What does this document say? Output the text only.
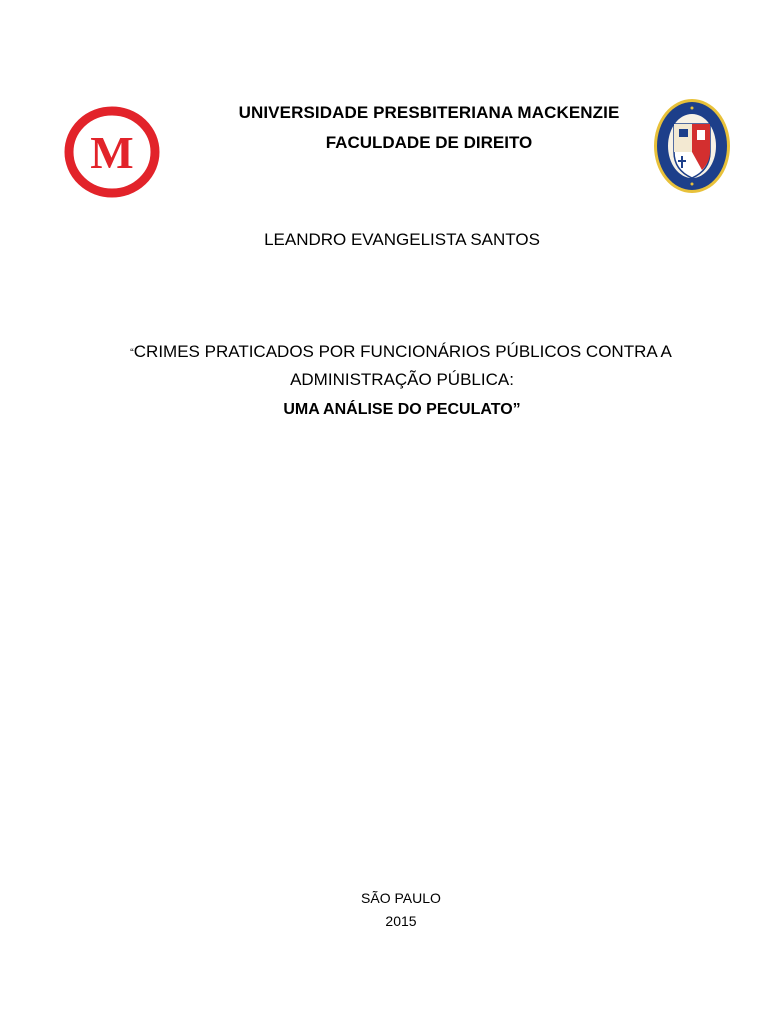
M
UNIVERSIDADE PRESBITERIANA MACKENZIE
FACULDADE DE DIREITO
LEANDRO EVANGELISTA SANTOS
“CRIMES PRATICADOS POR FUNCIONÁRIOS PÚBLICOS CONTRA A
ADMINISTRAÇÃO PÚBLICA:
UMA ANÁLISE DO PECULATO”
SÃO PAULO
2015
